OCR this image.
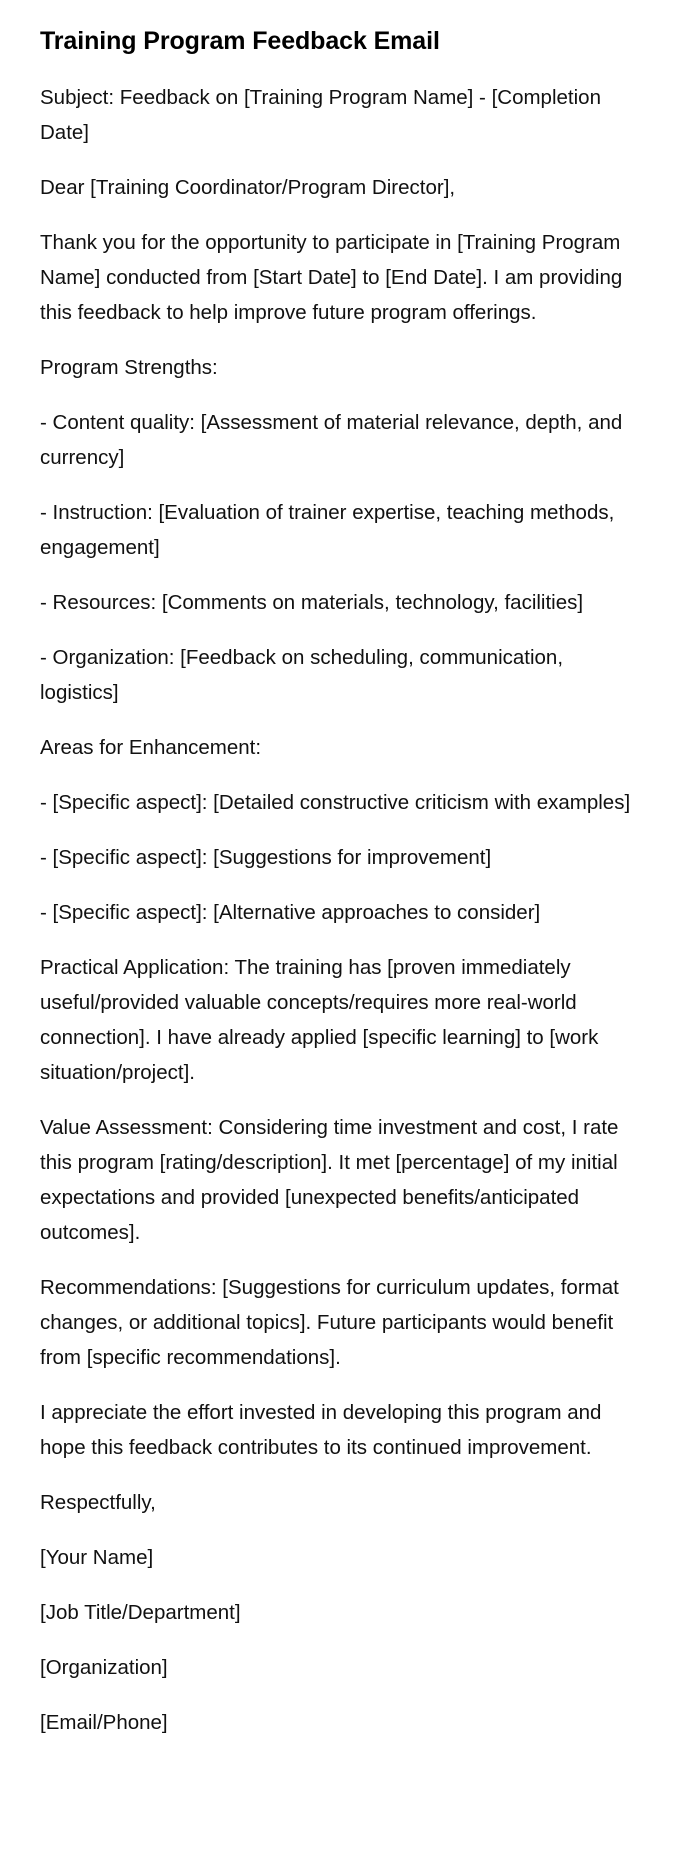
Training Program Feedback Email

Subject: Feedback on [Training Program Name] - [Completion Date]

Dear [Training Coordinator/Program Director],

Thank you for the opportunity to participate in [Training Program Name] conducted from [Start Date] to [End Date]. I am providing this feedback to help improve future program offerings.

Program Strengths:

- Content quality: [Assessment of material relevance, depth, and currency]

- Instruction: [Evaluation of trainer expertise, teaching methods, engagement]

- Resources: [Comments on materials, technology, facilities]

- Organization: [Feedback on scheduling, communication, logistics]

Areas for Enhancement:

- [Specific aspect]: [Detailed constructive criticism with examples]

- [Specific aspect]: [Suggestions for improvement]

- [Specific aspect]: [Alternative approaches to consider]

Practical Application: The training has [proven immediately useful/provided valuable concepts/requires more real-world connection]. I have already applied [specific learning] to [work situation/project].

Value Assessment: Considering time investment and cost, I rate this program [rating/description]. It met [percentage] of my initial expectations and provided [unexpected benefits/anticipated outcomes].

Recommendations: [Suggestions for curriculum updates, format changes, or additional topics]. Future participants would benefit from [specific recommendations].

I appreciate the effort invested in developing this program and hope this feedback contributes to its continued improvement.

Respectfully,

[Your Name]

[Job Title/Department]

[Organization]

[Email/Phone]
